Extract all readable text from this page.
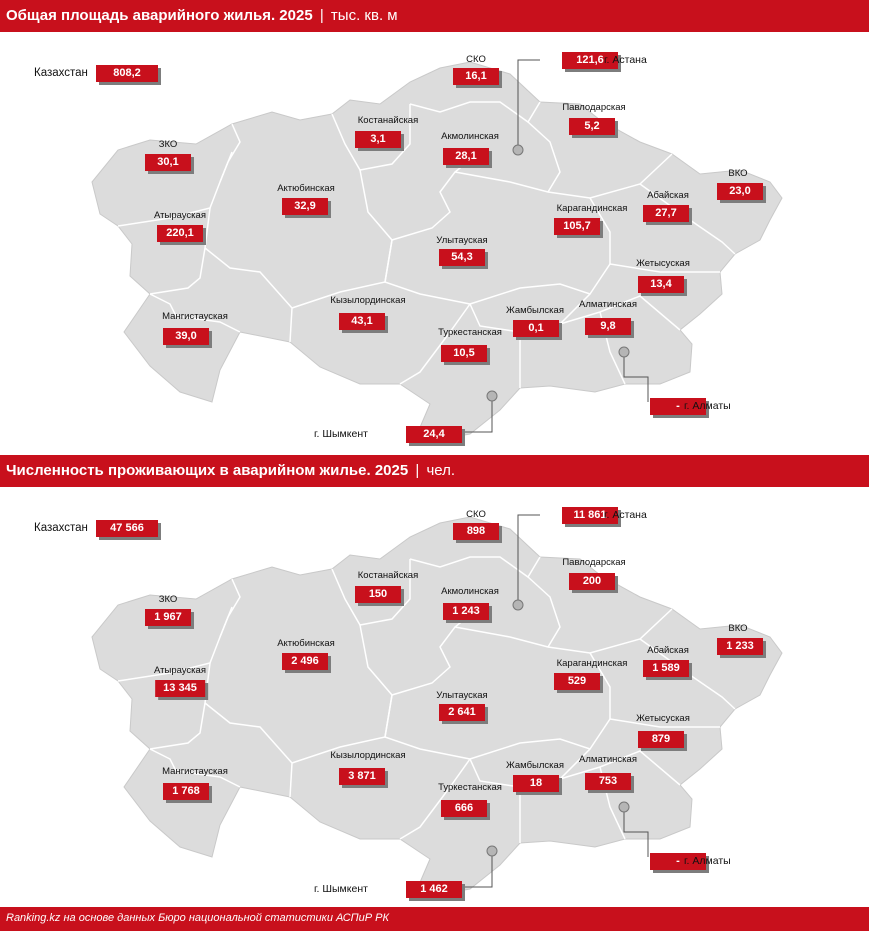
Общая площадь аварийного жилья. 2025 | тыс. кв. м
Казахстан	808,2
СКО
16,1
Костанайская
3,1	Акмолинская
28,1
Павлодарская
5,2
ЗКО
30,1
Актюбинская
32,9
Абайская
27,7
ВКО
23,0
Атырауская
220,1
Карагандинская
105,7
Улытауская
54,3
Жетысуская
13,4
Мангистауская
39,0
Кызылординская
43,1
Жамбылская
0,1
Алматинская
9,8
Туркестанская
10,5
121,6 г. Астана
- г. Алматы
24,4
г. Шымкент
Численность проживающих в аварийном жилье. 2025 | чел.
Казахстан	47 566
СКО
898
Костанайская
150	Акмолинская
1 243
Павлодарская
200
ЗКО
1 967
Актюбинская
2 496
Абайская
1 589
ВКО
1 233
Атырауская
13 345
Карагандинская
529
Улытауская
2 641
Жетысуская
879
Мангистауская
1 768
Кызылординская
3 871
Жамбылская
18
Алматинская
753
Туркестанская
666
11 861
г. Астана
- г. Алматы
1 462
г. Шымкент
Ranking.kz на основе данных Бюро национальной статистики АСПиР РК
